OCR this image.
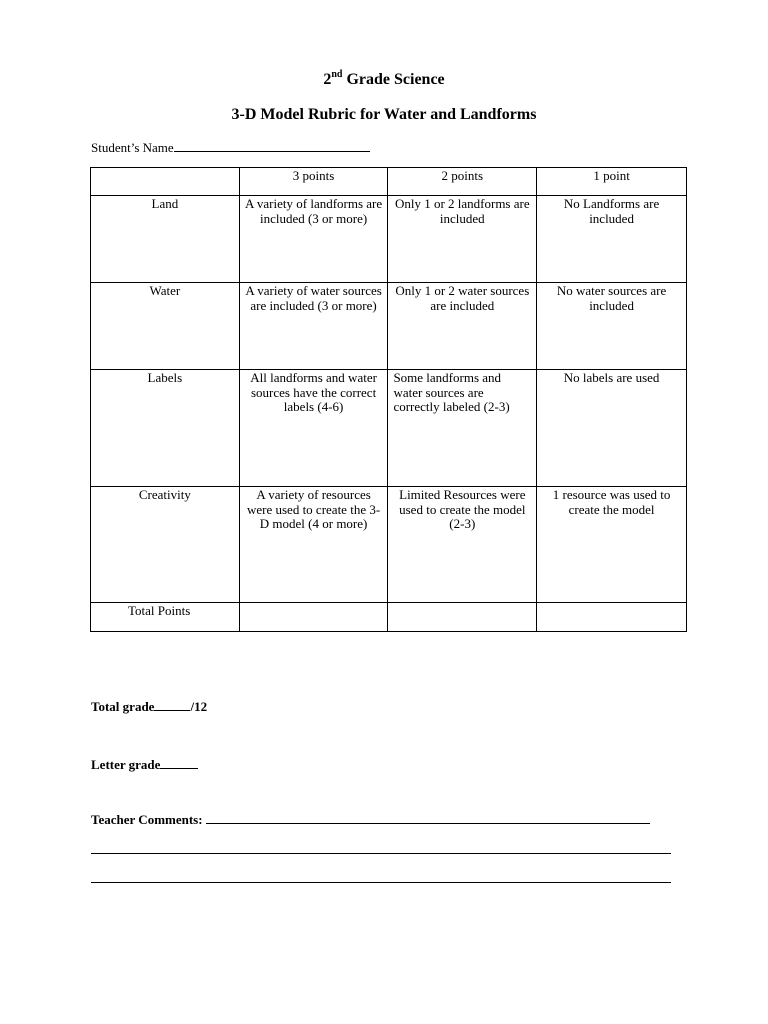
2nd Grade Science
3-D Model Rubric for Water and Landforms
Student’s Name
	3 points	2 points	1 point
Land	A variety of landforms are included (3 or more)	Only 1 or 2 landforms are included	No Landforms are included
Water	A variety of water sources are included (3 or more)	Only 1 or 2 water sources are included	No water sources are included
Labels	All landforms and water sources have the correct labels (4-6)	Some landforms and water sources are correctly labeled (2-3)	No labels are used
Creativity	A variety of resources were used to create the 3-D model (4 or more)	Limited Resources were used to create the model (2-3)	1 resource was used to create the model
Total Points			
Total grade	/12
Letter grade
Teacher Comments:
